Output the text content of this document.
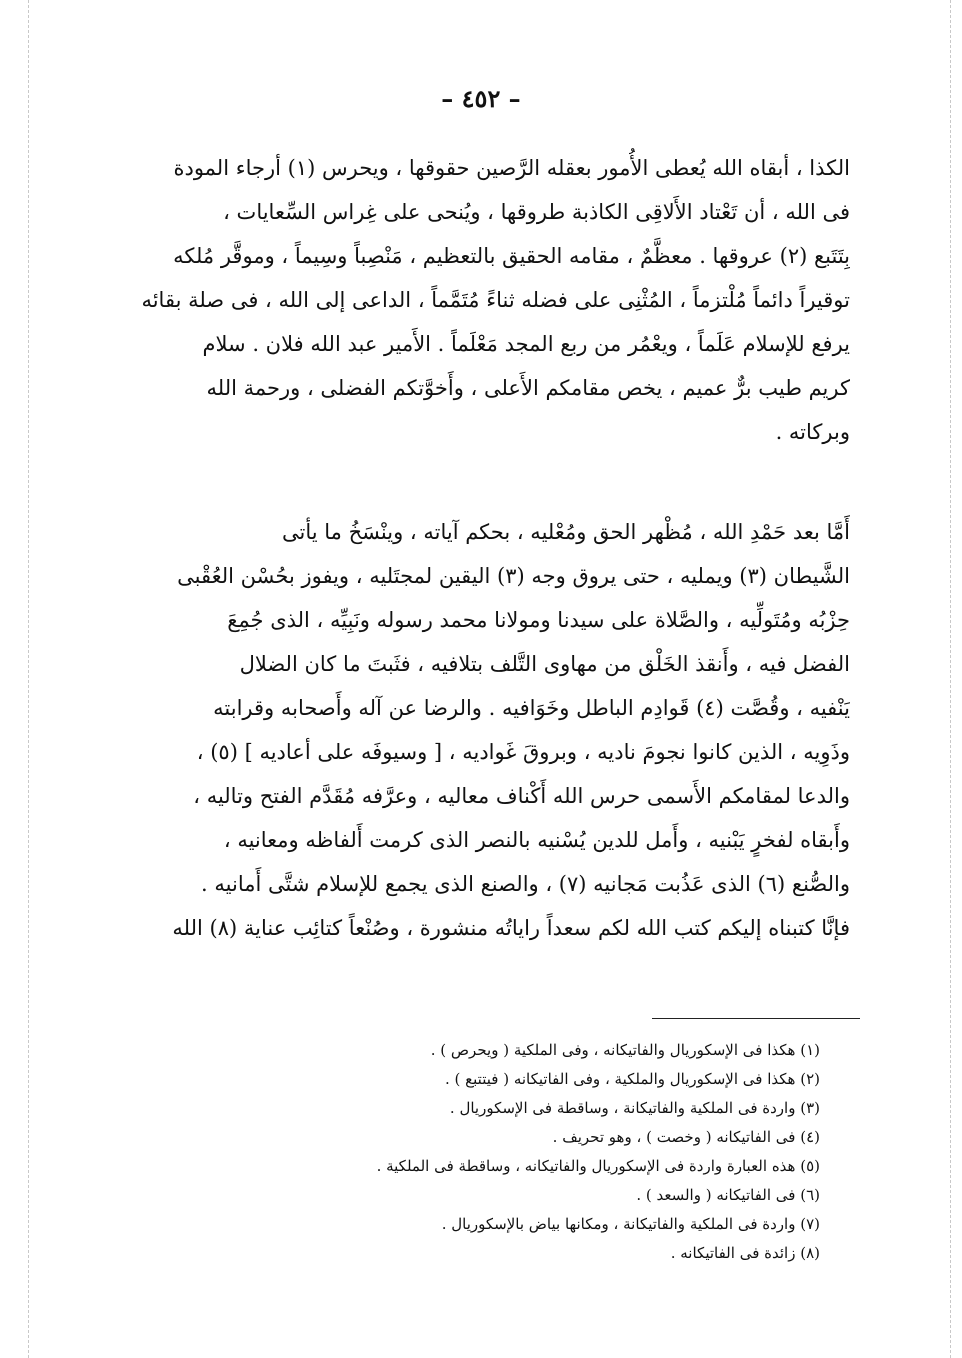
– ٤٥٢ –
الكذا ، أبقاه الله يُعطى الأُمور بعقله الرَّصين حقوقها ، ويحرس (١) أرجاء المودة
فى الله ، أن تَعْتاد الأَلاقِى الكاذبة طروقها ، ويُنحى على غِراس السِّعايات ،
بِتَتَبع (٢) عروقها . معظَّمٌ ، مقامه الحقيق بالتعظيم ، مَنْصِباً وسِيماً ، وموقَّر مُلكه
توقيراً دائماً مُلْتزماً ، المُثْنِى على فضله ثناءً مُتَمَّماً ، الداعى إلى الله ، فى صلة بقائه
يرفع للإسلام عَلَماً ، ويعْمُر من ربع المجد مَعْلَماً . الأَمير عبد الله فلان . سلام
كريم طيب برٌّ عميم ، يخص مقامكم الأَعلى ، وأَخوَّتكم الفضلى ، ورحمة الله
وبركاته .
أَمَّا بعد حَمْدِ الله ، مُظْهر الحق ومُعْليه ، بحكم آياته ، وينْسَخُ ما يأتى
الشَّيطان (٣) ويمليه ، حتى يروق وجه (٣) اليقين لمجتَليه ، ويفوز بحُسْن العُقْبى
حِزْبُه ومُتَولِّيه ، والصَّلاة على سيدنا ومولانا محمد رسوله ونَبِيِّه ، الذى جُمِعَ
الفضل فيه ، وأَنقذ الخَلْق من مهاوى التَّلف بتلافيه ، فثَبتَ ما كان الضلال
يَنْفيه ، وقُصَّت (٤) قَوادِم الباطل وخَوَافيه . والرضا عن آله وأَصحابه وقرابته
وذَوِيه ، الذين كانوا نجومَ ناديه ، وبروقَ غَواديه ، [ وسيوفَه على أعاديه ] (٥) ،
والدعا لمقامكم الأَسمى حرس الله أَكْناف معاليه ، وعرَّفه مُقَدَّم الفتح وتاليه ،
وأَبقاه لفخرٍ يَبْنيه ، وأَمل للدين يُسْنيه بالنصر الذى كرمت أَلفاظه ومعانيه ،
والصُّنع (٦) الذى عَذُبت مَجانيه (٧) ، والصنع الذى يجمع للإسلام شتَّى أَمانيه .
فإنَّا كتبناه إليكم كتب الله لكم سعداً راياتُه منشورة ، وصُنْعاً كتائِب عناية (٨) الله
(١) هكذا فى الإسكوريال والفاتيكانه ، وفى الملكية ( ويحرص ) .
(٢) هكذا فى الإسكوريال والملكية ، وفى الفاتيكانه ( فيتتبع ) .
(٣) واردة فى الملكية والفاتيكانة ، وساقطة فى الإسكوريال .
(٤) فى الفاتيكانه ( وخصت ) ، وهو تحريف .
(٥) هذه العبارة واردة فى الإسكوريال والفاتيكانه ، وساقطة فى الملكية .
(٦) فى الفاتيكانه ( والسعد ) .
(٧) واردة فى الملكية والفاتيكانة ، ومكانها بياض بالإسكوريال .
(٨) زائدة فى الفاتيكانه .
